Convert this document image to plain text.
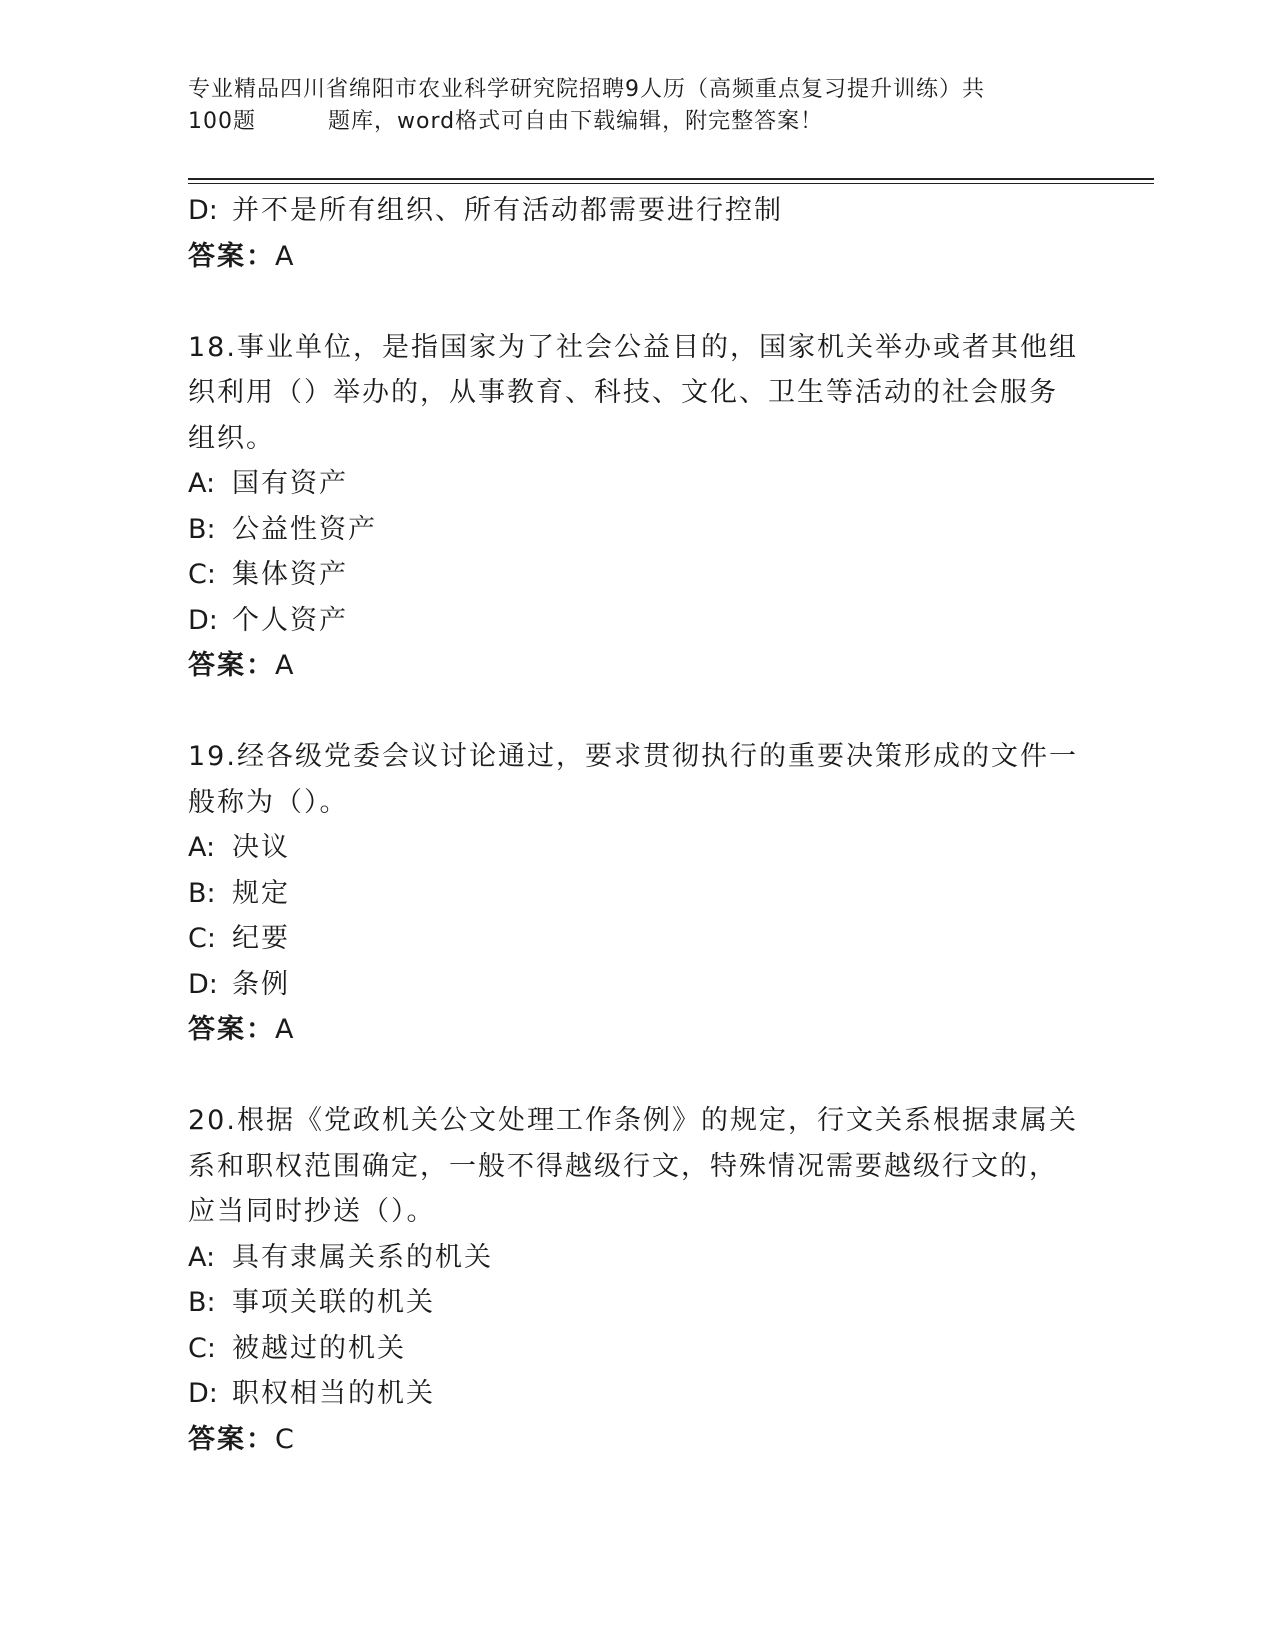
专业精品四川省绵阳市农业科学研究院招聘9人历（高频重点复习提升训练）共
100题	题库，word格式可自由下载编辑，附完整答案！
D: 并不是所有组织、所有活动都需要进行控制
答案：A
18.事业单位，是指国家为了社会公益目的，国家机关举办或者其他组
织利用（）举办的，从事教育、科技、文化、卫生等活动的社会服务
组织。
A: 国有资产
B: 公益性资产
C: 集体资产
D: 个人资产
答案：A
19.经各级党委会议讨论通过，要求贯彻执行的重要决策形成的文件一
般称为（）。
A: 决议
B: 规定
C: 纪要
D: 条例
答案：A
20.根据《党政机关公文处理工作条例》的规定，行文关系根据隶属关
系和职权范围确定，一般不得越级行文，特殊情况需要越级行文的，
应当同时抄送（）。
A: 具有隶属关系的机关
B: 事项关联的机关
C: 被越过的机关
D: 职权相当的机关
答案：C
